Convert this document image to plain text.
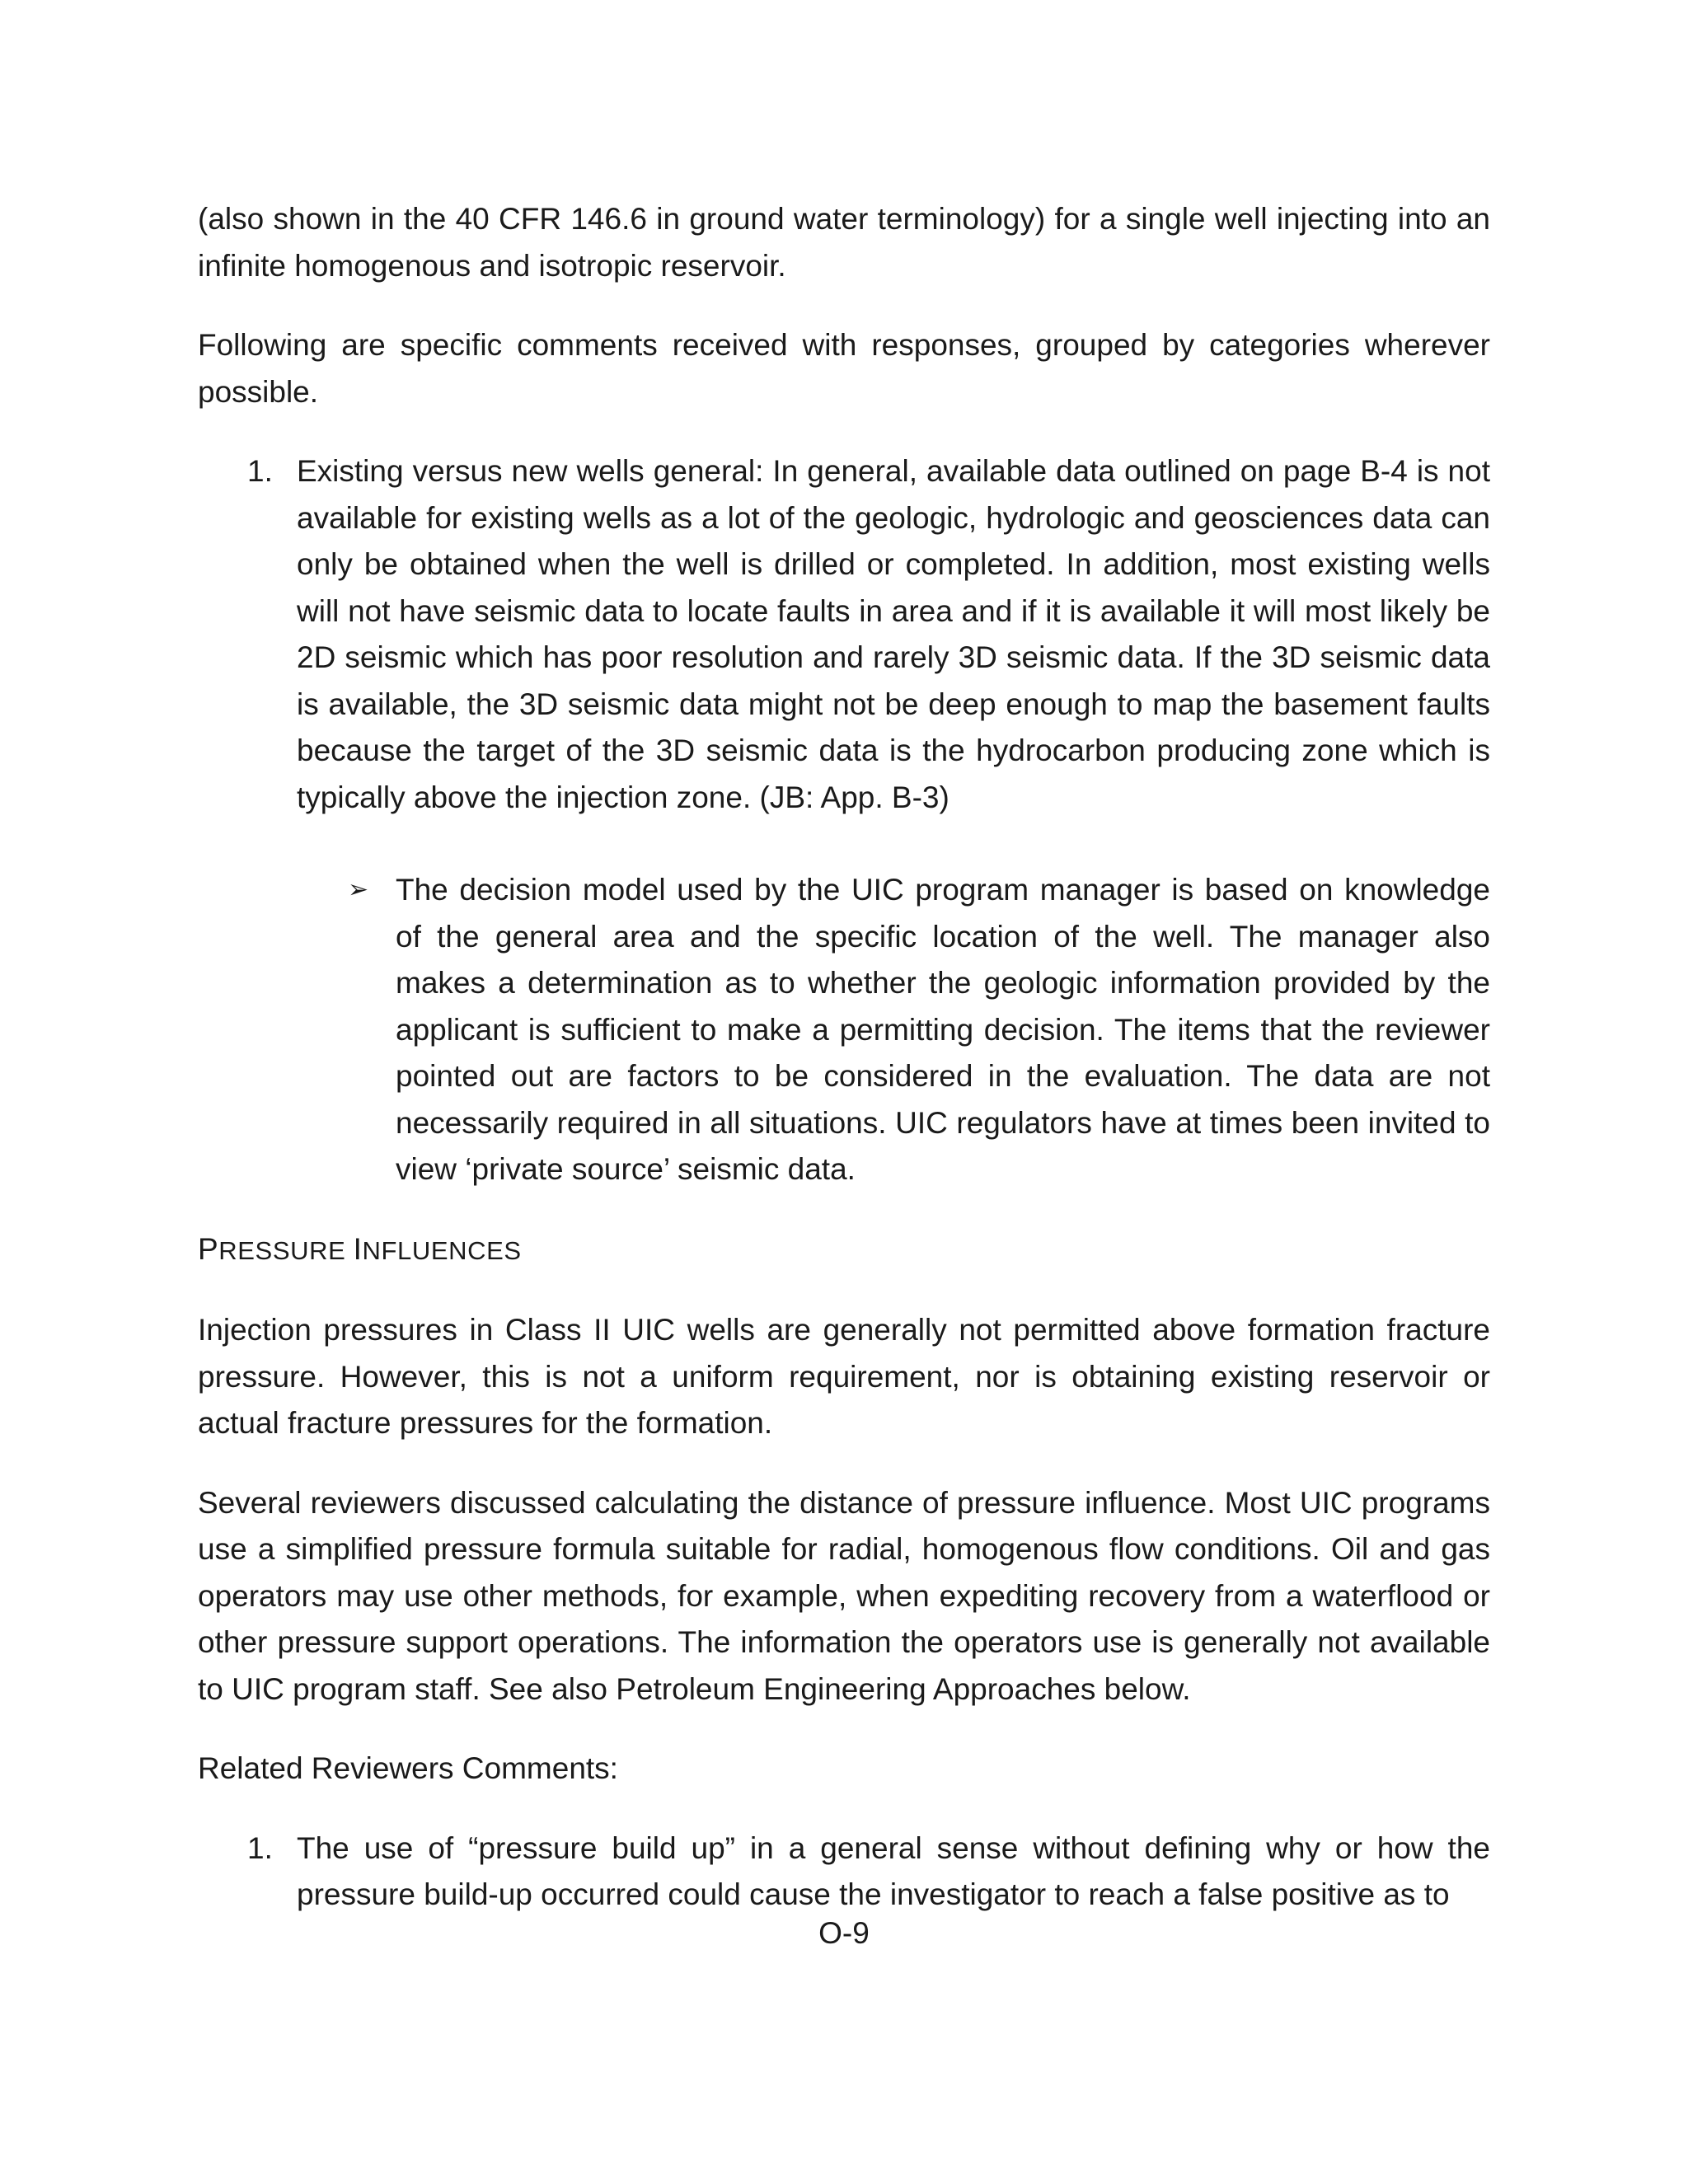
(also shown in the 40 CFR 146.6 in ground water terminology) for a single well injecting into an infinite homogenous and isotropic reservoir.

Following are specific comments received with responses, grouped by categories wherever possible.

1. Existing versus new wells general: In general, available data outlined on page B-4 is not available for existing wells as a lot of the geologic, hydrologic and geosciences data can only be obtained when the well is drilled or completed. In addition, most existing wells will not have seismic data to locate faults in area and if it is available it will most likely be 2D seismic which has poor resolution and rarely 3D seismic data. If the 3D seismic data is available, the 3D seismic data might not be deep enough to map the basement faults because the target of the 3D seismic data is the hydrocarbon producing zone which is typically above the injection zone. (JB: App. B-3)
➢ The decision model used by the UIC program manager is based on knowledge of the general area and the specific location of the well. The manager also makes a determination as to whether the geologic information provided by the applicant is sufficient to make a permitting decision. The items that the reviewer pointed out are factors to be considered in the evaluation. The data are not necessarily required in all situations. UIC regulators have at times been invited to view ‘private source’ seismic data.
PRESSURE INFLUENCES

Injection pressures in Class II UIC wells are generally not permitted above formation fracture pressure. However, this is not a uniform requirement, nor is obtaining existing reservoir or actual fracture pressures for the formation.

Several reviewers discussed calculating the distance of pressure influence. Most UIC programs use a simplified pressure formula suitable for radial, homogenous flow conditions. Oil and gas operators may use other methods, for example, when expediting recovery from a waterflood or other pressure support operations. The information the operators use is generally not available to UIC program staff. See also Petroleum Engineering Approaches below.

Related Reviewers Comments:

1. The use of “pressure build up” in a general sense without defining why or how the pressure build-up occurred could cause the investigator to reach a false positive as to
O-9
